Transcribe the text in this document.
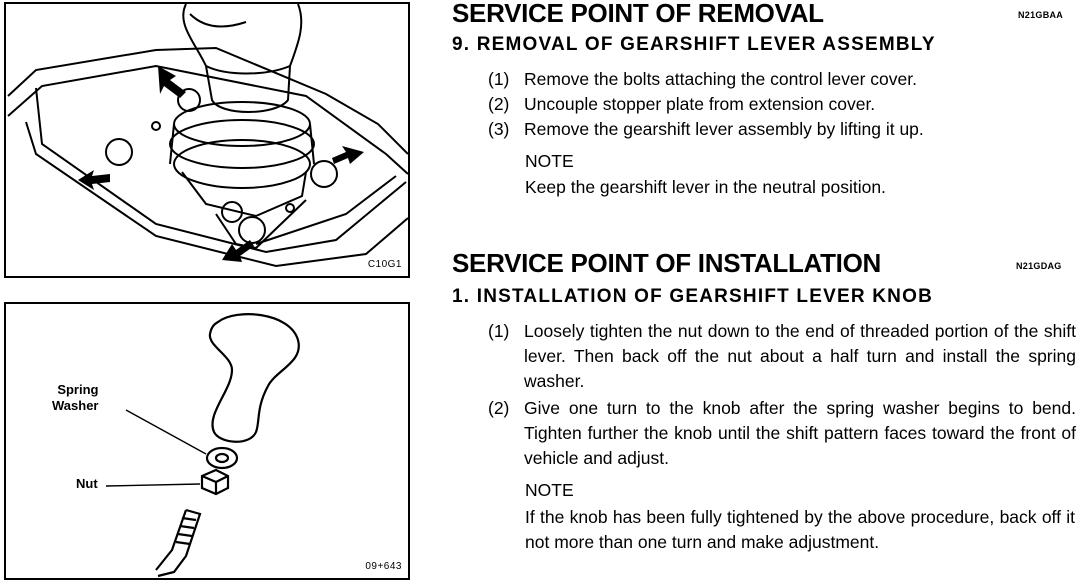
C10G1
Spring
Washer
Nut
09+643
SERVICE POINT OF REMOVAL	N21GBAA
9. REMOVAL OF GEARSHIFT LEVER ASSEMBLY
(1) Remove the bolts attaching the control lever cover.
(2) Uncouple stopper plate from extension cover.
(3) Remove the gearshift lever assembly by lifting it up.
NOTE
Keep the gearshift lever in the neutral position.
SERVICE POINT OF INSTALLATION	N21GDAG
1. INSTALLATION OF GEARSHIFT LEVER KNOB
(1) Loosely tighten the nut down to the end of threaded portion of the shift lever. Then back off the nut about a half turn and install the spring washer.
(2) Give one turn to the knob after the spring washer begins to bend. Tighten further the knob until the shift pattern faces toward the front of vehicle and adjust.
NOTE
If the knob has been fully tightened by the above procedure, back off it not more than one turn and make adjustment.
